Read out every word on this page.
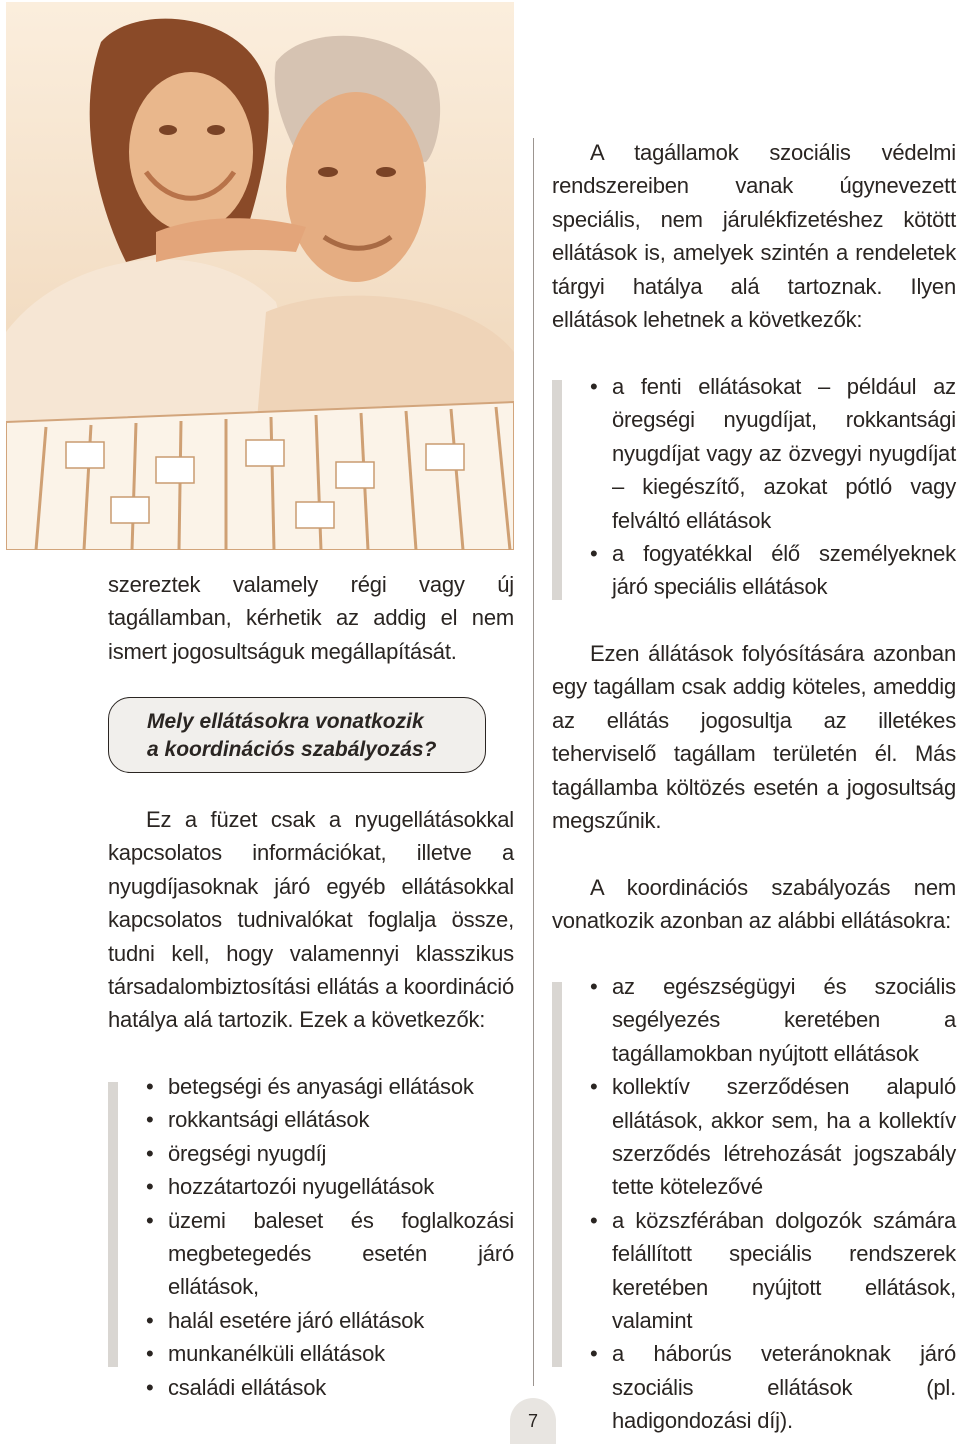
szereztek valamely régi vagy új tagállamban, kérhetik az addig el nem ismert jogosultságuk megállapítását.

Mely ellátásokra vonatkozik
a koordinációs szabályozás?

Ez a füzet csak a nyugellátásokkal kapcsolatos információkat, illetve a nyugdíjasoknak járó egyéb ellátásokkal kapcsolatos tudnivalókat foglalja össze, tudni kell, hogy valamennyi klasszikus társadalombiztosítási ellátás a koordináció hatálya alá tartozik. Ezek a következők:

• betegségi és anyasági ellátások
• rokkantsági ellátások
• öregségi nyugdíj
• hozzátartozói nyugellátások
• üzemi baleset és foglalkozási megbetegedés esetén járó ellátások,
• halál esetére járó ellátások
• munkanélküli ellátások
• családi ellátások

A tagállamok szociális védelmi rendszereiben vanak úgynevezett speciális, nem járulékfizetéshez kötött ellátások is, amelyek szintén a rendeletek tárgyi hatálya alá tartoznak. Ilyen ellátások lehetnek a következők:

• a fenti ellátásokat – például az öregségi nyugdíjat, rokkantsági nyugdíjat vagy az özvegyi nyugdíjat – kiegészítő, azokat pótló vagy felváltó ellátások
• a fogyatékkal élő személyeknek járó speciális ellátások

Ezen állátások folyósítására azonban egy tagállam csak addig köteles, ameddig az ellátás jogosultja az illetékes teherviselő tagállam területén él. Más tagállamba költözés esetén a jogosultság megszűnik.

A koordinációs szabályozás nem vonatkozik azonban az alábbi ellátásokra:

• az egészségügyi és szociális segélyezés keretében a tagállamokban nyújtott ellátások
• kollektív szerződésen alapuló ellátások, akkor sem, ha a kollektív szerződés létrehozását jogszabály tette kötelezővé
• a közszférában dolgozók számára felállított speciális rendszerek keretében nyújtott ellátások, valamint
• a háborús veteránoknak járó szociális ellátások (pl. hadigondozási díj).
7
